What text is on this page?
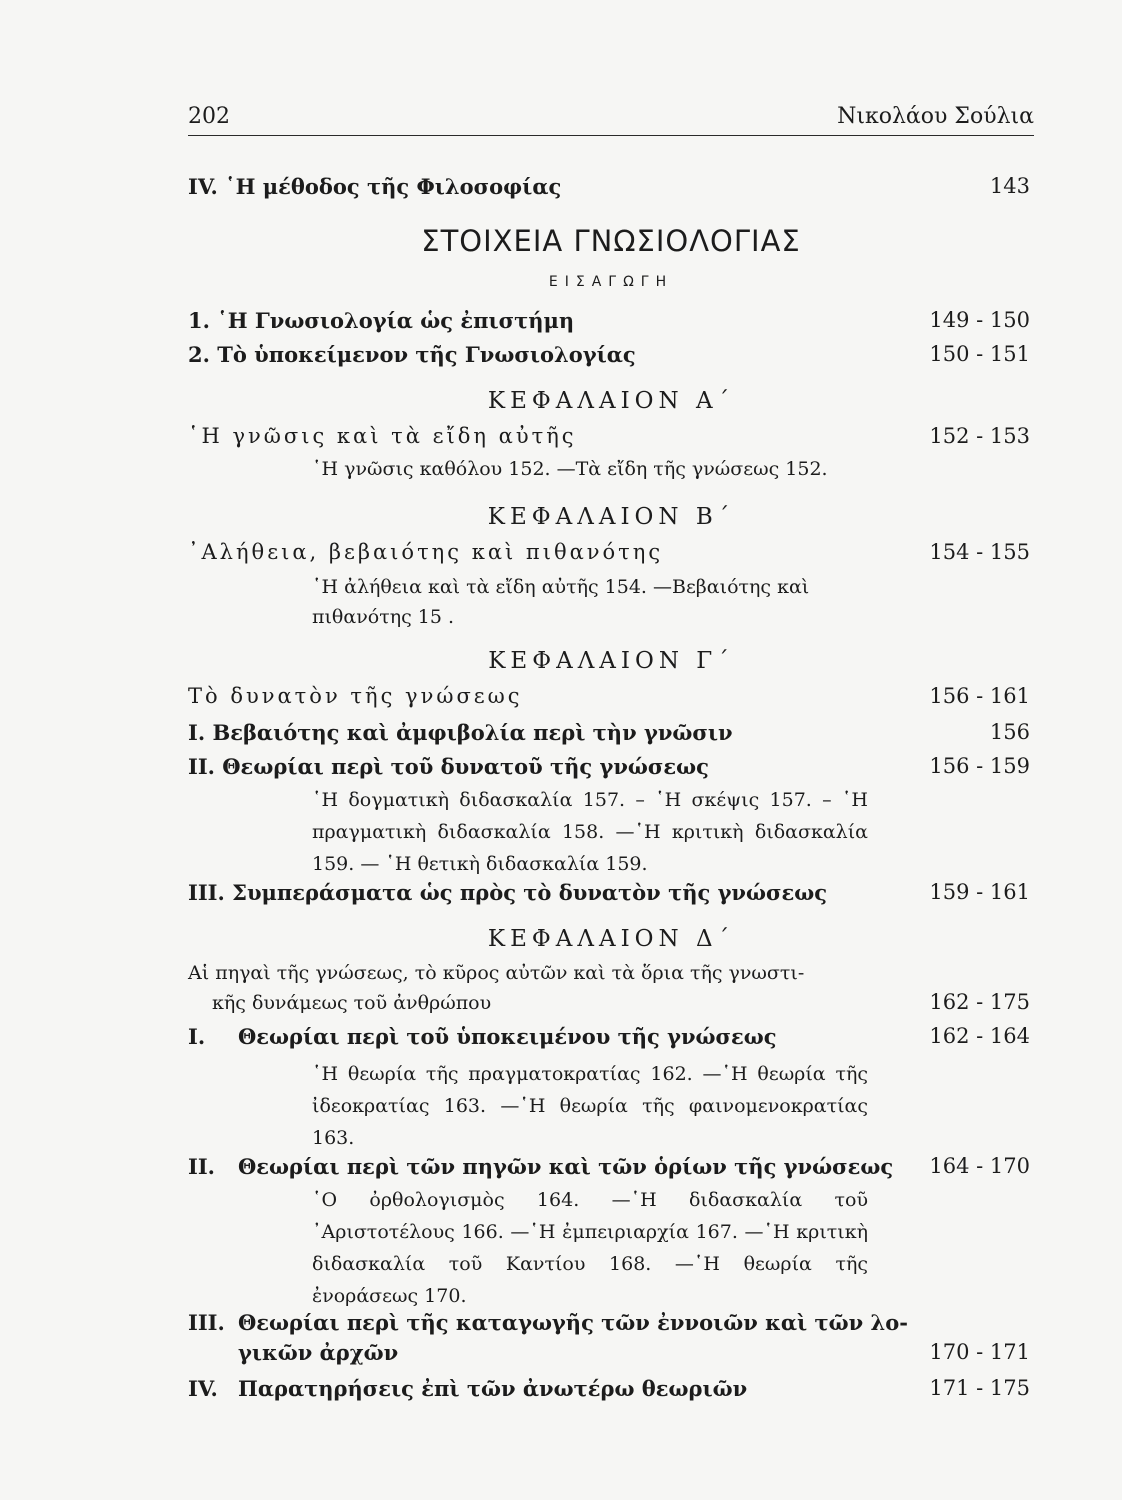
202	Νικολάου Σούλια
IV. ῾Η μέθοδος τῆς Φιλοσοφίας	143
ΣΤΟΙΧΕΙΑ ΓΝΩΣΙΟΛΟΓΙΑΣ
ΕΙΣΑΓΩΓΗ
1. ῾Η Γνωσιολογία ὡς ἐπιστήμη	149 - 150
2. Τὸ ὑποκείμενον τῆς Γνωσιολογίας	150 - 151
ΚΕΦΑΛΑΙΟΝ Α΄
῾Η γνῶσις καὶ τὰ εἴδη αὐτῆς	152 - 153
῾Η γνῶσις καθόλου 152. —Τὰ εἴδη τῆς γνώσεως 152.
ΚΕΦΑΛΑΙΟΝ Β΄
᾿Αλήθεια, βεβαιότης καὶ πιθανότης	154 - 155
῾Η ἀλήθεια καὶ τὰ εἴδη αὐτῆς 154. —Βεβαιότης καὶ
πιθανότης 15 .
ΚΕΦΑΛΑΙΟΝ Γ΄
Τὸ δυνατὸν τῆς γνώσεως	156 - 161
I. Βεβαιότης καὶ ἀμφιβολία περὶ τὴν γνῶσιν	156
II. Θεωρίαι περὶ τοῦ δυνατοῦ τῆς γνώσεως	156 - 159
῾Η δογματικὴ διδασκαλία 157. – ῾Η σκέψις 157. – ῾Η πραγματικὴ διδασκαλία 158. —῾Η κριτικὴ διδασκαλία 159. — ῾Η θετικὴ διδασκαλία 159.
III. Συμπεράσματα ὡς πρὸς τὸ δυνατὸν τῆς γνώσεως	159 - 161
ΚΕΦΑΛΑΙΟΝ Δ΄
Αἱ πηγαὶ τῆς γνώσεως, τὸ κῦρος αὐτῶν καὶ τὰ ὅρια τῆς γνωστι-
κῆς δυνάμεως τοῦ ἀνθρώπου	162 - 175
I. Θεωρίαι περὶ τοῦ ὑποκειμένου τῆς γνώσεως	162 - 164
῾Η θεωρία τῆς πραγματοκρατίας 162. —῾Η θεωρία τῆς ἰδεοκρατίας 163. —῾Η θεωρία τῆς φαινομενοκρατίας 163.
II. Θεωρίαι περὶ τῶν πηγῶν καὶ τῶν ὁρίων τῆς γνώσεως 164 - 170
῾Ο ὀρθολογισμὸς 164. —῾Η διδασκαλία τοῦ ᾿Αριστοτέλους 166. —῾Η ἐμπειριαρχία 167. —῾Η κριτικὴ διδασκαλία τοῦ Καντίου 168. —῾Η θεωρία τῆς ἐνοράσεως 170.
III. Θεωρίαι περὶ τῆς καταγωγῆς τῶν ἐννοιῶν καὶ τῶν λο-
γικῶν ἀρχῶν	170 - 171
IV. Παρατηρήσεις ἐπὶ τῶν ἀνωτέρω θεωριῶν	171 - 175
